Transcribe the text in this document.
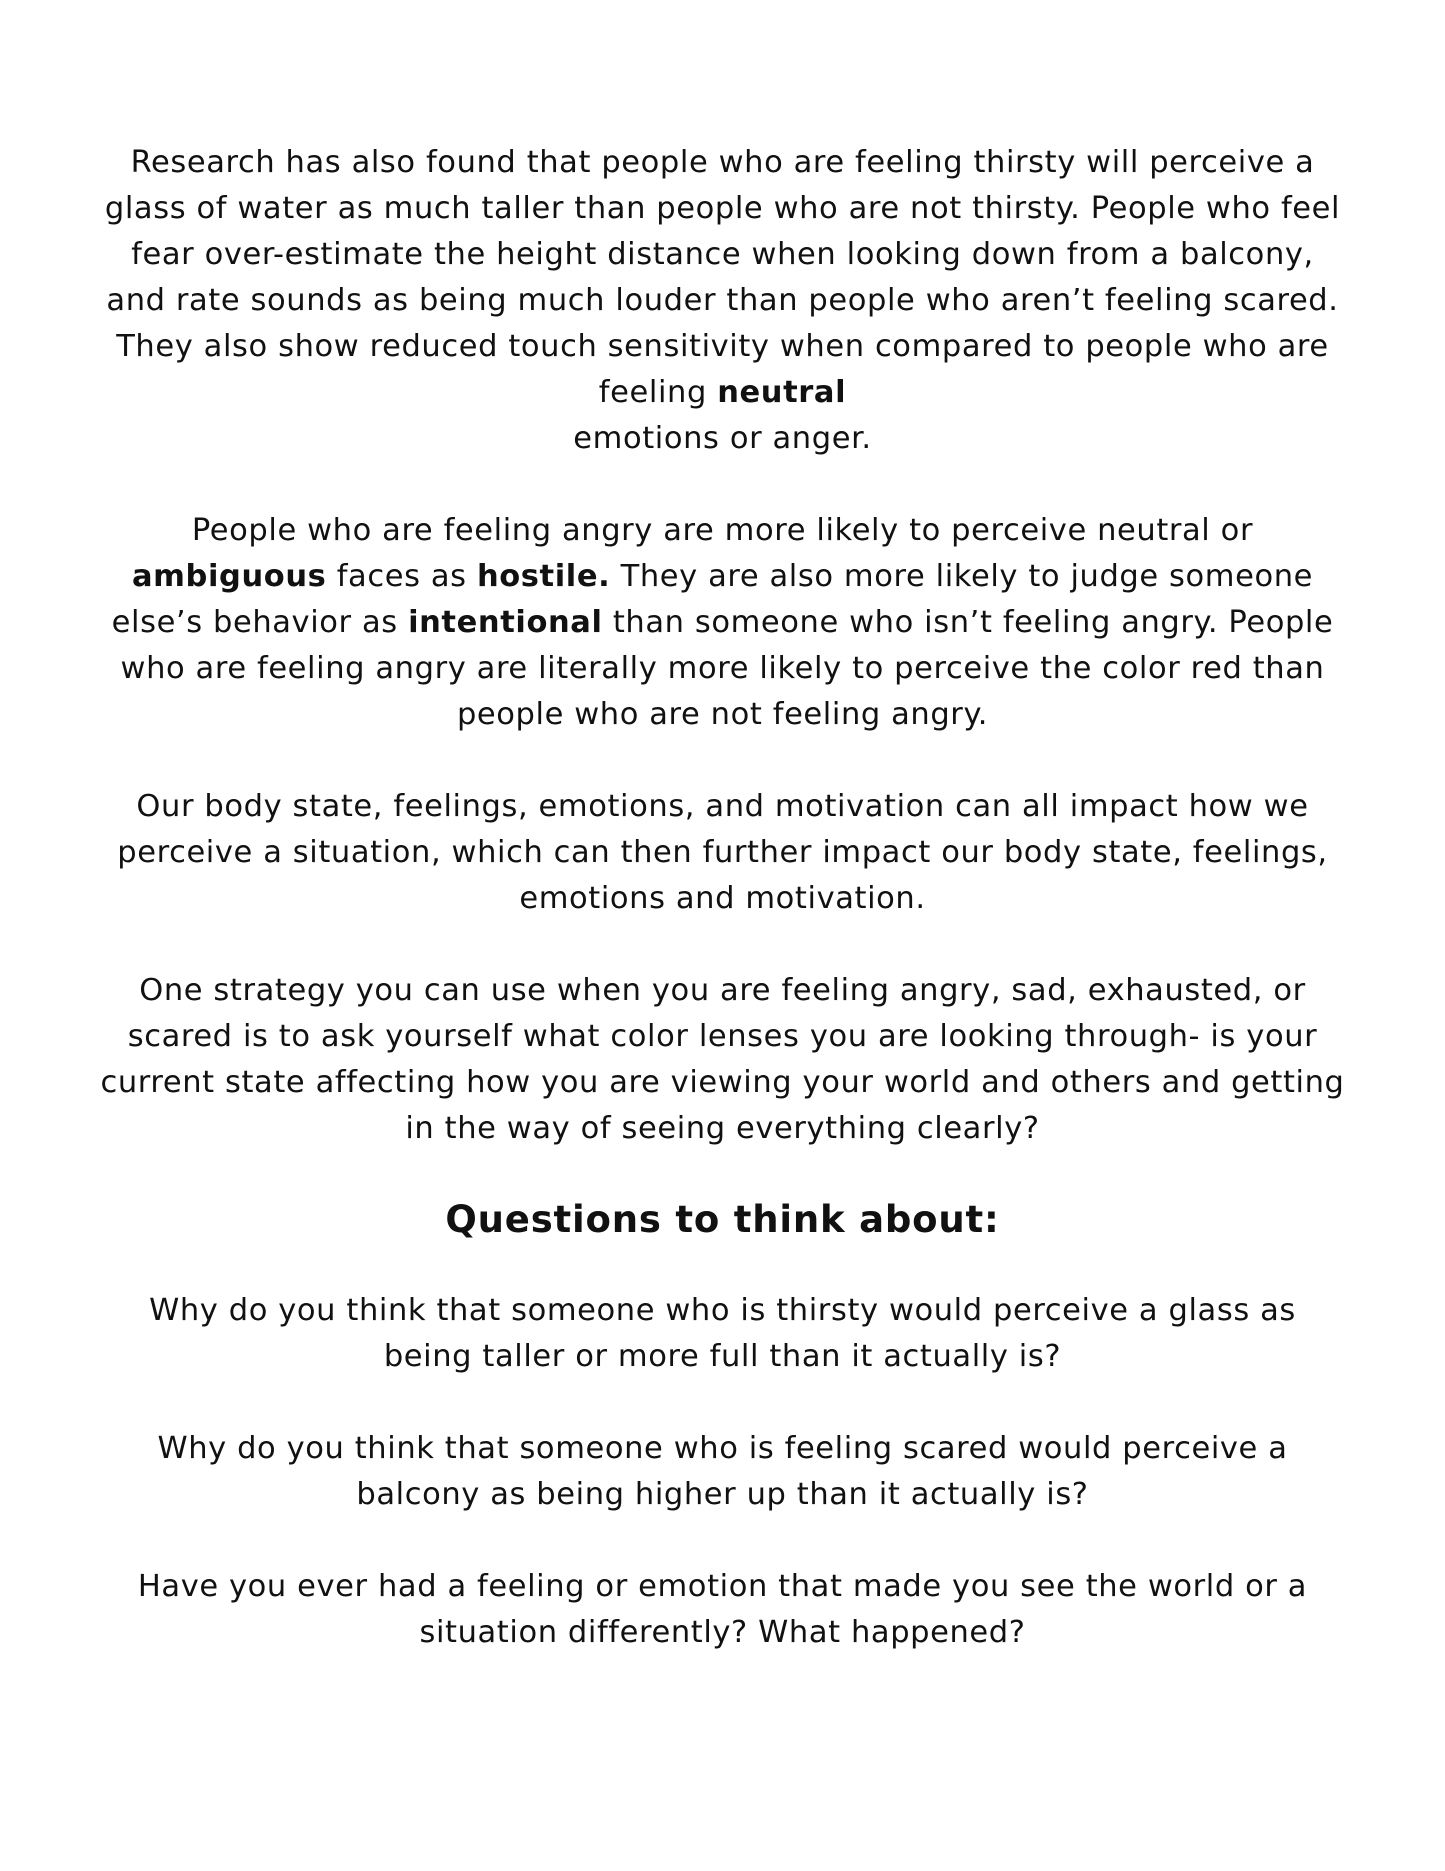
Research has also found that people who are feeling thirsty will perceive a glass of water as much taller than people who are not thirsty. People who feel fear over-estimate the height distance when looking down from a balcony, and rate sounds as being much louder than people who aren’t feeling scared. They also show reduced touch sensitivity when compared to people who are feeling neutral
emotions or anger.

People who are feeling angry are more likely to perceive neutral or ambiguous faces as hostile. They are also more likely to judge someone else’s behavior as intentional than someone who isn’t feeling angry. People who are feeling angry are literally more likely to perceive the color red than people who are not feeling angry.

Our body state, feelings, emotions, and motivation can all impact how we perceive a situation, which can then further impact our body state, feelings, emotions and motivation.

One strategy you can use when you are feeling angry, sad, exhausted, or scared is to ask yourself what color lenses you are looking through- is your current state affecting how you are viewing your world and others and getting in the way of seeing everything clearly?

Questions to think about:

Why do you think that someone who is thirsty would perceive a glass as being taller or more full than it actually is?

Why do you think that someone who is feeling scared would perceive a balcony as being higher up than it actually is?

Have you ever had a feeling or emotion that made you see the world or a situation differently? What happened?
